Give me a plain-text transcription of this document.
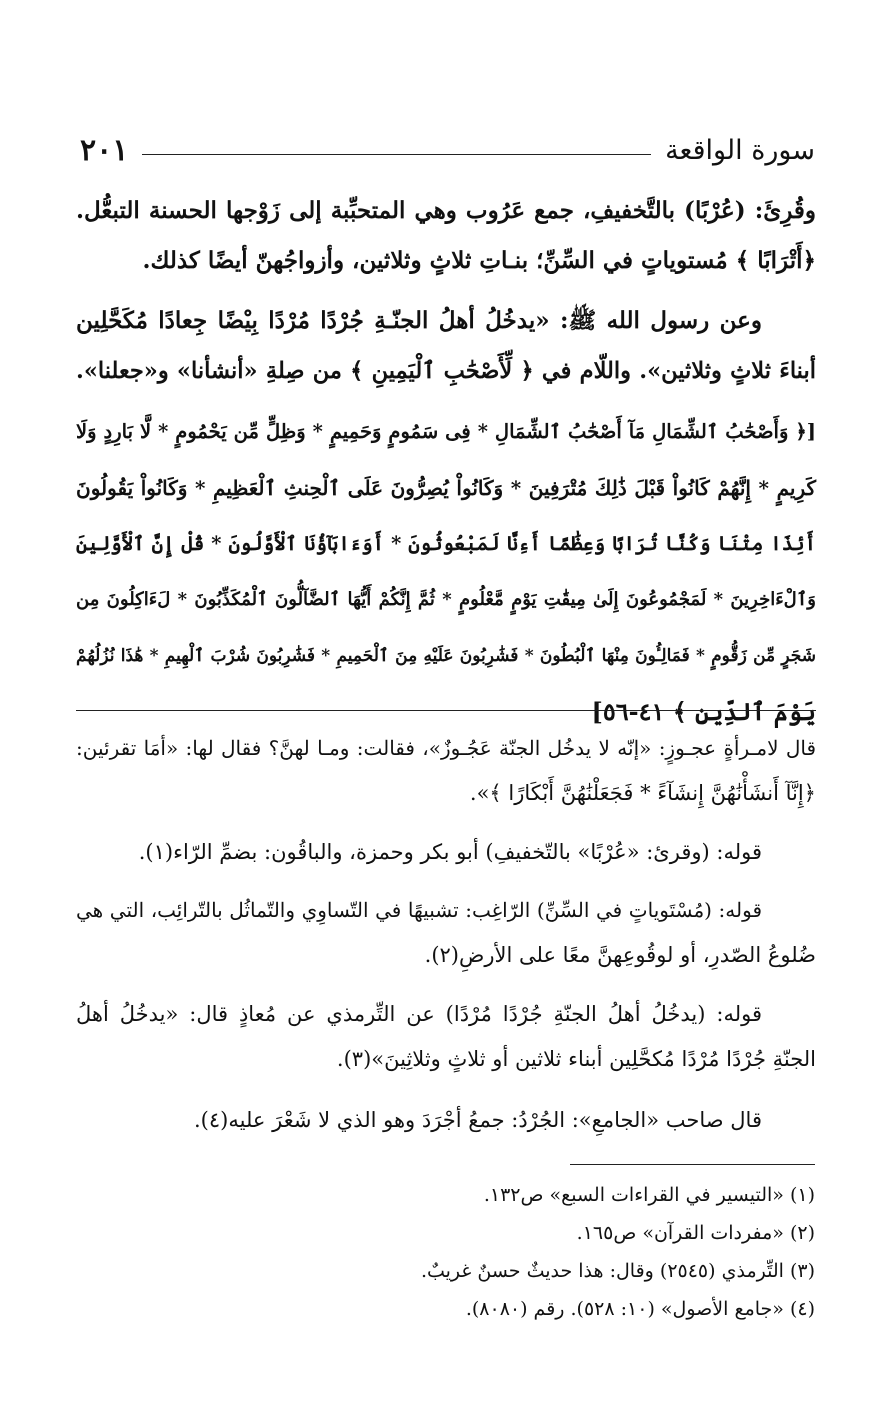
سورة الواقعة
٢٠١
وقُرِئَ: (عُرْبًا) بالتَّخفيفِ، جمع عَرُوب وهي المتحبِّبة إلى زَوْجها الحسنة التبعُّل.
﴿أَتْرَابًا ﴾ مُستوياتٍ في السِّنِّ؛ بنـاتِ ثلاثٍ وثلاثين، وأزواجُهنّ أيضًا كذلك.
وعن رسول الله ﷺ: «يدخُلُ أهلُ الجنّـةِ جُرْدًا مُرْدًا بِيْضًا جِعادًا مُكَحَّلِين
أبناءَ ثلاثٍ وثلاثين». واللّام في ﴿ لِّأَصْحَٰبِ ٱلْيَمِينِ ﴾ من صِلةِ «أنشأنا» و«جعلنا».
[﴿ وَأَصْحَٰبُ ٱلشِّمَالِ مَآ أَصْحَٰبُ ٱلشِّمَالِ * فِى سَمُومٍ وَحَمِيمٍ * وَظِلٍّ مِّن يَحْمُومٍ * لَّا بَارِدٍ وَلَا
كَرِيمٍ * إِنَّهُمْ كَانُواْ قَبْلَ ذَٰلِكَ مُتْرَفِينَ * وَكَانُواْ يُصِرُّونَ عَلَى ٱلْحِنثِ ٱلْعَظِيمِ * وَكَانُواْ يَقُولُونَ
أَئِذَا مِتْنَا وَكُنَّا تُرَابًا وَعِظَٰمًا أَءِنَّا لَمَبْعُوثُونَ * أَوَءَابَآؤُنَا ٱلْأَوَّلُونَ * قُلْ إِنَّ ٱلْأَوَّلِينَ
وَٱلْءَاخِرِينَ * لَمَجْمُوعُونَ إِلَىٰ مِيقَٰتِ يَوْمٍ مَّعْلُومٍ * ثُمَّ إِنَّكُمْ أَيُّهَا ٱلضَّآلُّونَ ٱلْمُكَذِّبُونَ * لَءَاكِلُونَ مِن
شَجَرٍ مِّن زَقُّومٍ * فَمَالِـُٔونَ مِنْهَا ٱلْبُطُونَ * فَشَٰرِبُونَ عَلَيْهِ مِنَ ٱلْحَمِيمِ * فَشَٰرِبُونَ شُرْبَ ٱلْهِيمِ * هَٰذَا نُزُلُهُمْ
يَوْمَ ٱلدِّينِ ﴾ ٤١-٥٦]
قال لامـرأةٍ عجـوزٍ: «إنّه لا يدخُل الجنّة عَجُـوزٌ»، فقالت: ومـا لهنَّ؟ فقال لها: «أمَا تقرئين:
﴿إِنَّآ أَنشَأْنَٰهُنَّ إِنشَآءً * فَجَعَلْنَٰهُنَّ أَبْكَارًا ﴾».
قوله: (وقرئ: «عُرْبًا» بالتّخفيفِ) أبو بكر وحمزة، والباقُون: بضمِّ الرّاء(١).
قوله: (مُسْتَوياتٍ في السِّنِّ) الرّاغِب: تشبيهًا في التّساوِي والتّماثُل بالتّرائِب، التي هي
ضُلوعُ الصّدرِ، أو لوقُوعِهنَّ معًا على الأرضِ(٢).
قوله: (يدخُلُ أهلُ الجنّةِ جُرْدًا مُرْدًا) عن التِّرمذي عن مُعاذٍ قال: «يدخُلُ أهلُ
الجنّةِ جُرْدًا مُرْدًا مُكحَّلِين أبناء ثلاثين أو ثلاثٍ وثلاثِينَ»(٣).
قال صاحب «الجامعِ»: الجُرْدُ: جمعُ أجْرَدَ وهو الذي لا شَعْرَ عليه(٤).
(١) «التيسير في القراءات السبع» ص١٣٢.
(٢) «مفردات القرآن» ص١٦٥.
(٣) التِّرمذي (٢٥٤٥) وقال: هذا حديثٌ حسنٌ غريبٌ.
(٤) «جامع الأصول» (١٠: ٥٢٨). رقم (٨٠٨٠).
